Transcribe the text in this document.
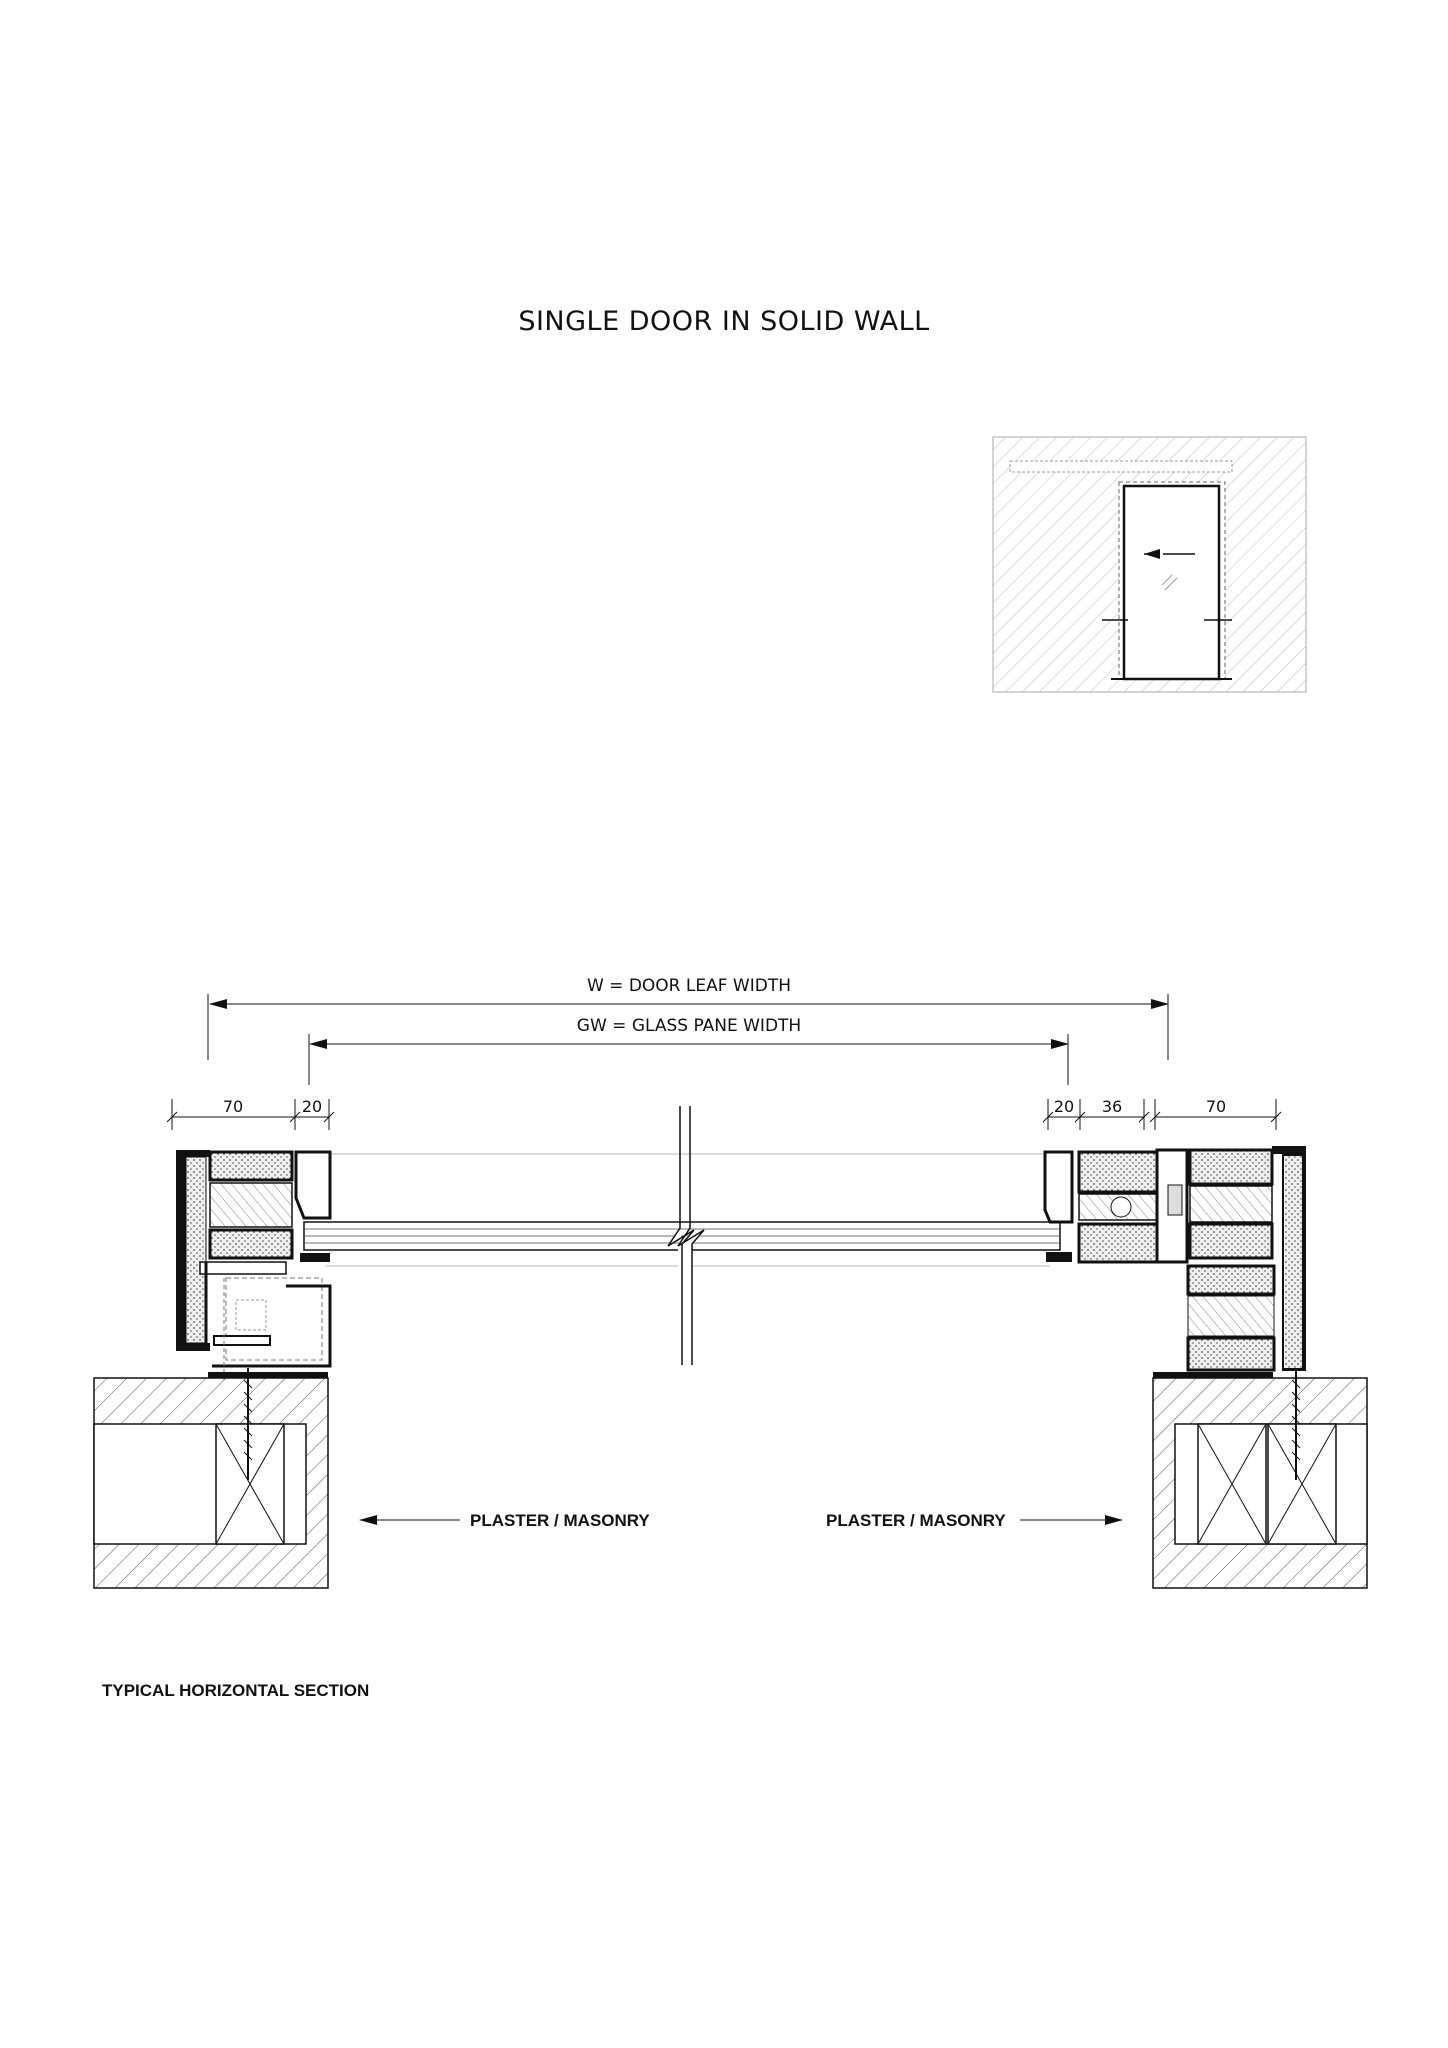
SINGLE DOOR IN SOLID WALL
W = DOOR LEAF WIDTH
GW = GLASS PANE WIDTH
70	20	20 36	70
PLASTER / MASONRY	PLASTER / MASONRY
TYPICAL HORIZONTAL SECTION
